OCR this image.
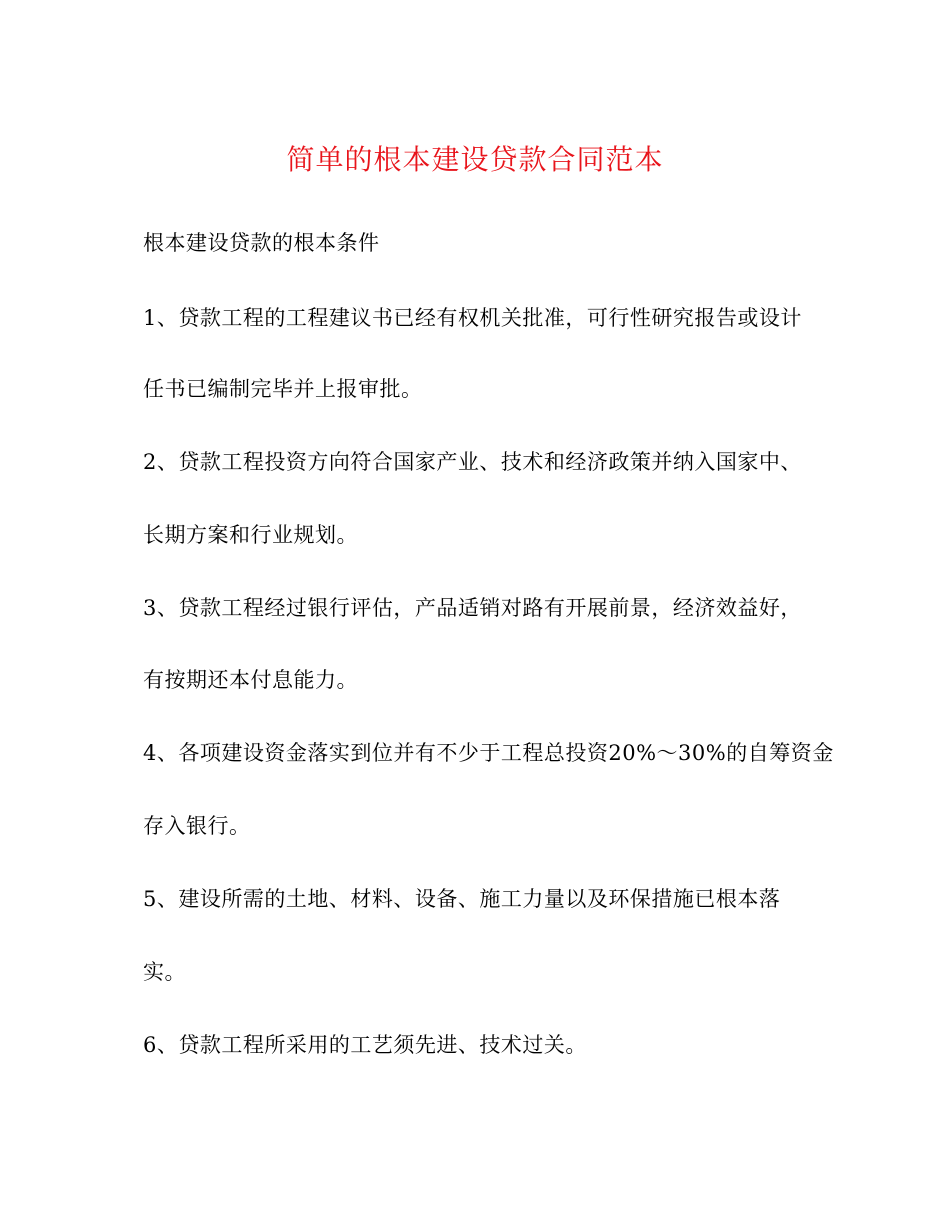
简单的根本建设贷款合同范本
根本建设贷款的根本条件
1、贷款工程的工程建议书已经有权机关批准，可行性研究报告或设计
任书已编制完毕并上报审批。
2、贷款工程投资方向符合国家产业、技术和经济政策并纳入国家中、
长期方案和行业规划。
3、贷款工程经过银行评估，产品适销对路有开展前景，经济效益好，
有按期还本付息能力。
4、各项建设资金落实到位并有不少于工程总投资20%～30%的自筹资金
存入银行。
5、建设所需的土地、材料、设备、施工力量以及环保措施已根本落
实。
6、贷款工程所采用的工艺须先进、技术过关。
